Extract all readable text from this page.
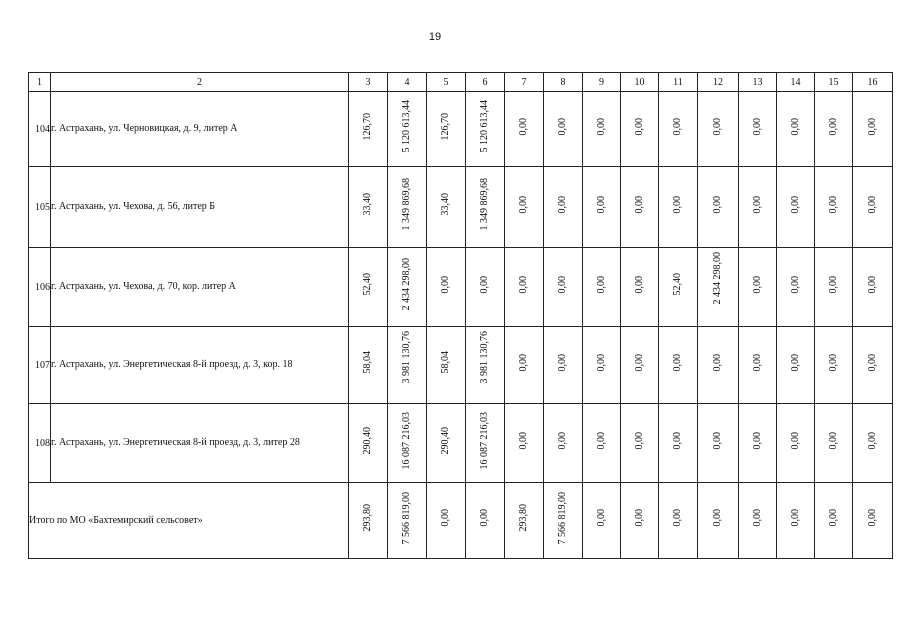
19
1	2	3	4	5	6	7	8	9	10	11	12	13	14	15	16
104	г. Астрахань, ул. Черновицкая, д. 9, литер А	126,70	5 120 613,44	126,70	5 120 613,44	0,00	0,00	0,00	0,00	0,00	0,00	0,00	0,00	0,00	0,00
105	г. Астрахань, ул. Чехова, д. 56, литер Б	33,40	1 349 869,68	33,40	1 349 869,68	0,00	0,00	0,00	0,00	0,00	0,00	0,00	0,00	0,00	0,00
106	г. Астрахань, ул. Чехова, д. 70, кор. литер А	52,40	2 434 298,00	0,00	0,00	0,00	0,00	0,00	0,00	52,40	2 434 298,00	0,00	0,00	0,00	0,00
107	г. Астрахань, ул. Энергетическая 8-й проезд, д. 3, кор. 18	58,04	3 981 130,76	58,04	3 981 130,76	0,00	0,00	0,00	0,00	0,00	0,00	0,00	0,00	0,00	0,00
108	г. Астрахань, ул. Энергетическая 8-й проезд, д. 3, литер 28	290,40	16 087 216,03	290,40	16 087 216,03	0,00	0,00	0,00	0,00	0,00	0,00	0,00	0,00	0,00	0,00
Итого по МО «Бахтемирский сельсовет»		293,80	7 566 819,00	0,00	0,00	293,80	7 566 819,00	0,00	0,00	0,00	0,00	0,00	0,00	0,00	0,00
